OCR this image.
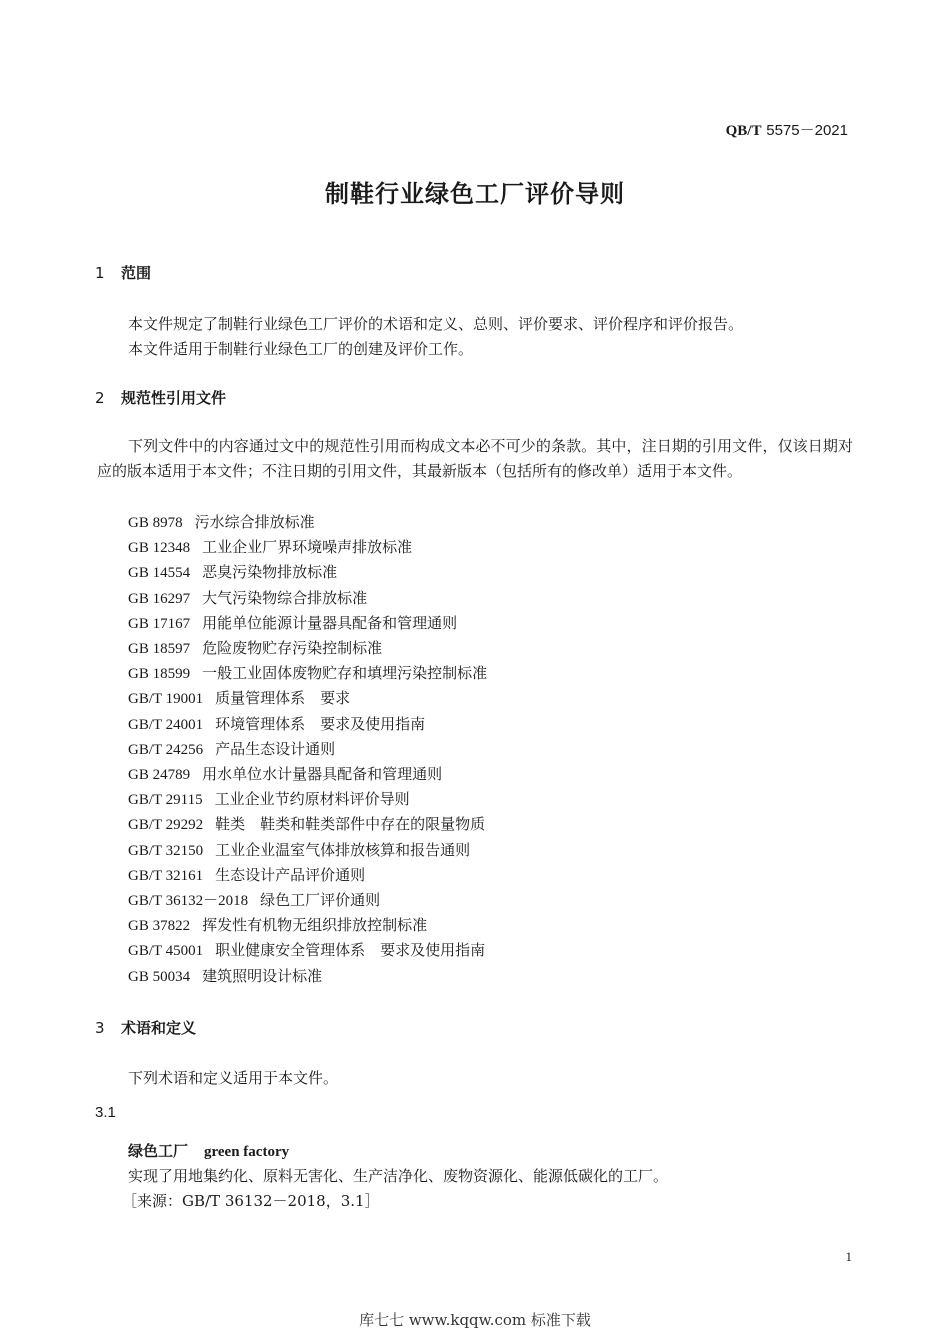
QB/T 5575－2021
制鞋行业绿色工厂评价导则
1 范围
本文件规定了制鞋行业绿色工厂评价的术语和定义、总则、评价要求、评价程序和评价报告。
本文件适用于制鞋行业绿色工厂的创建及评价工作。
2 规范性引用文件
下列文件中的内容通过文中的规范性引用而构成文本必不可少的条款。其中，注日期的引用文件，仅该日期对应的版本适用于本文件；不注日期的引用文件，其最新版本（包括所有的修改单）适用于本文件。
GB 8978 污水综合排放标准
GB 12348 工业企业厂界环境噪声排放标准
GB 14554 恶臭污染物排放标准
GB 16297 大气污染物综合排放标准
GB 17167 用能单位能源计量器具配备和管理通则
GB 18597 危险废物贮存污染控制标准
GB 18599 一般工业固体废物贮存和填埋污染控制标准
GB/T 19001 质量管理体系　要求
GB/T 24001 环境管理体系　要求及使用指南
GB/T 24256 产品生态设计通则
GB 24789 用水单位水计量器具配备和管理通则
GB/T 29115 工业企业节约原材料评价导则
GB/T 29292 鞋类　鞋类和鞋类部件中存在的限量物质
GB/T 32150 工业企业温室气体排放核算和报告通则
GB/T 32161 生态设计产品评价通则
GB/T 36132－2018 绿色工厂评价通则
GB 37822 挥发性有机物无组织排放控制标准
GB/T 45001 职业健康安全管理体系　要求及使用指南
GB 50034 建筑照明设计标准
3 术语和定义
下列术语和定义适用于本文件。
3.1
绿色工厂 green factory
实现了用地集约化、原料无害化、生产洁净化、废物资源化、能源低碳化的工厂。
［来源：GB/T 36132－2018，3.1］
1
库七七 www.kqqw.com 标准下载
